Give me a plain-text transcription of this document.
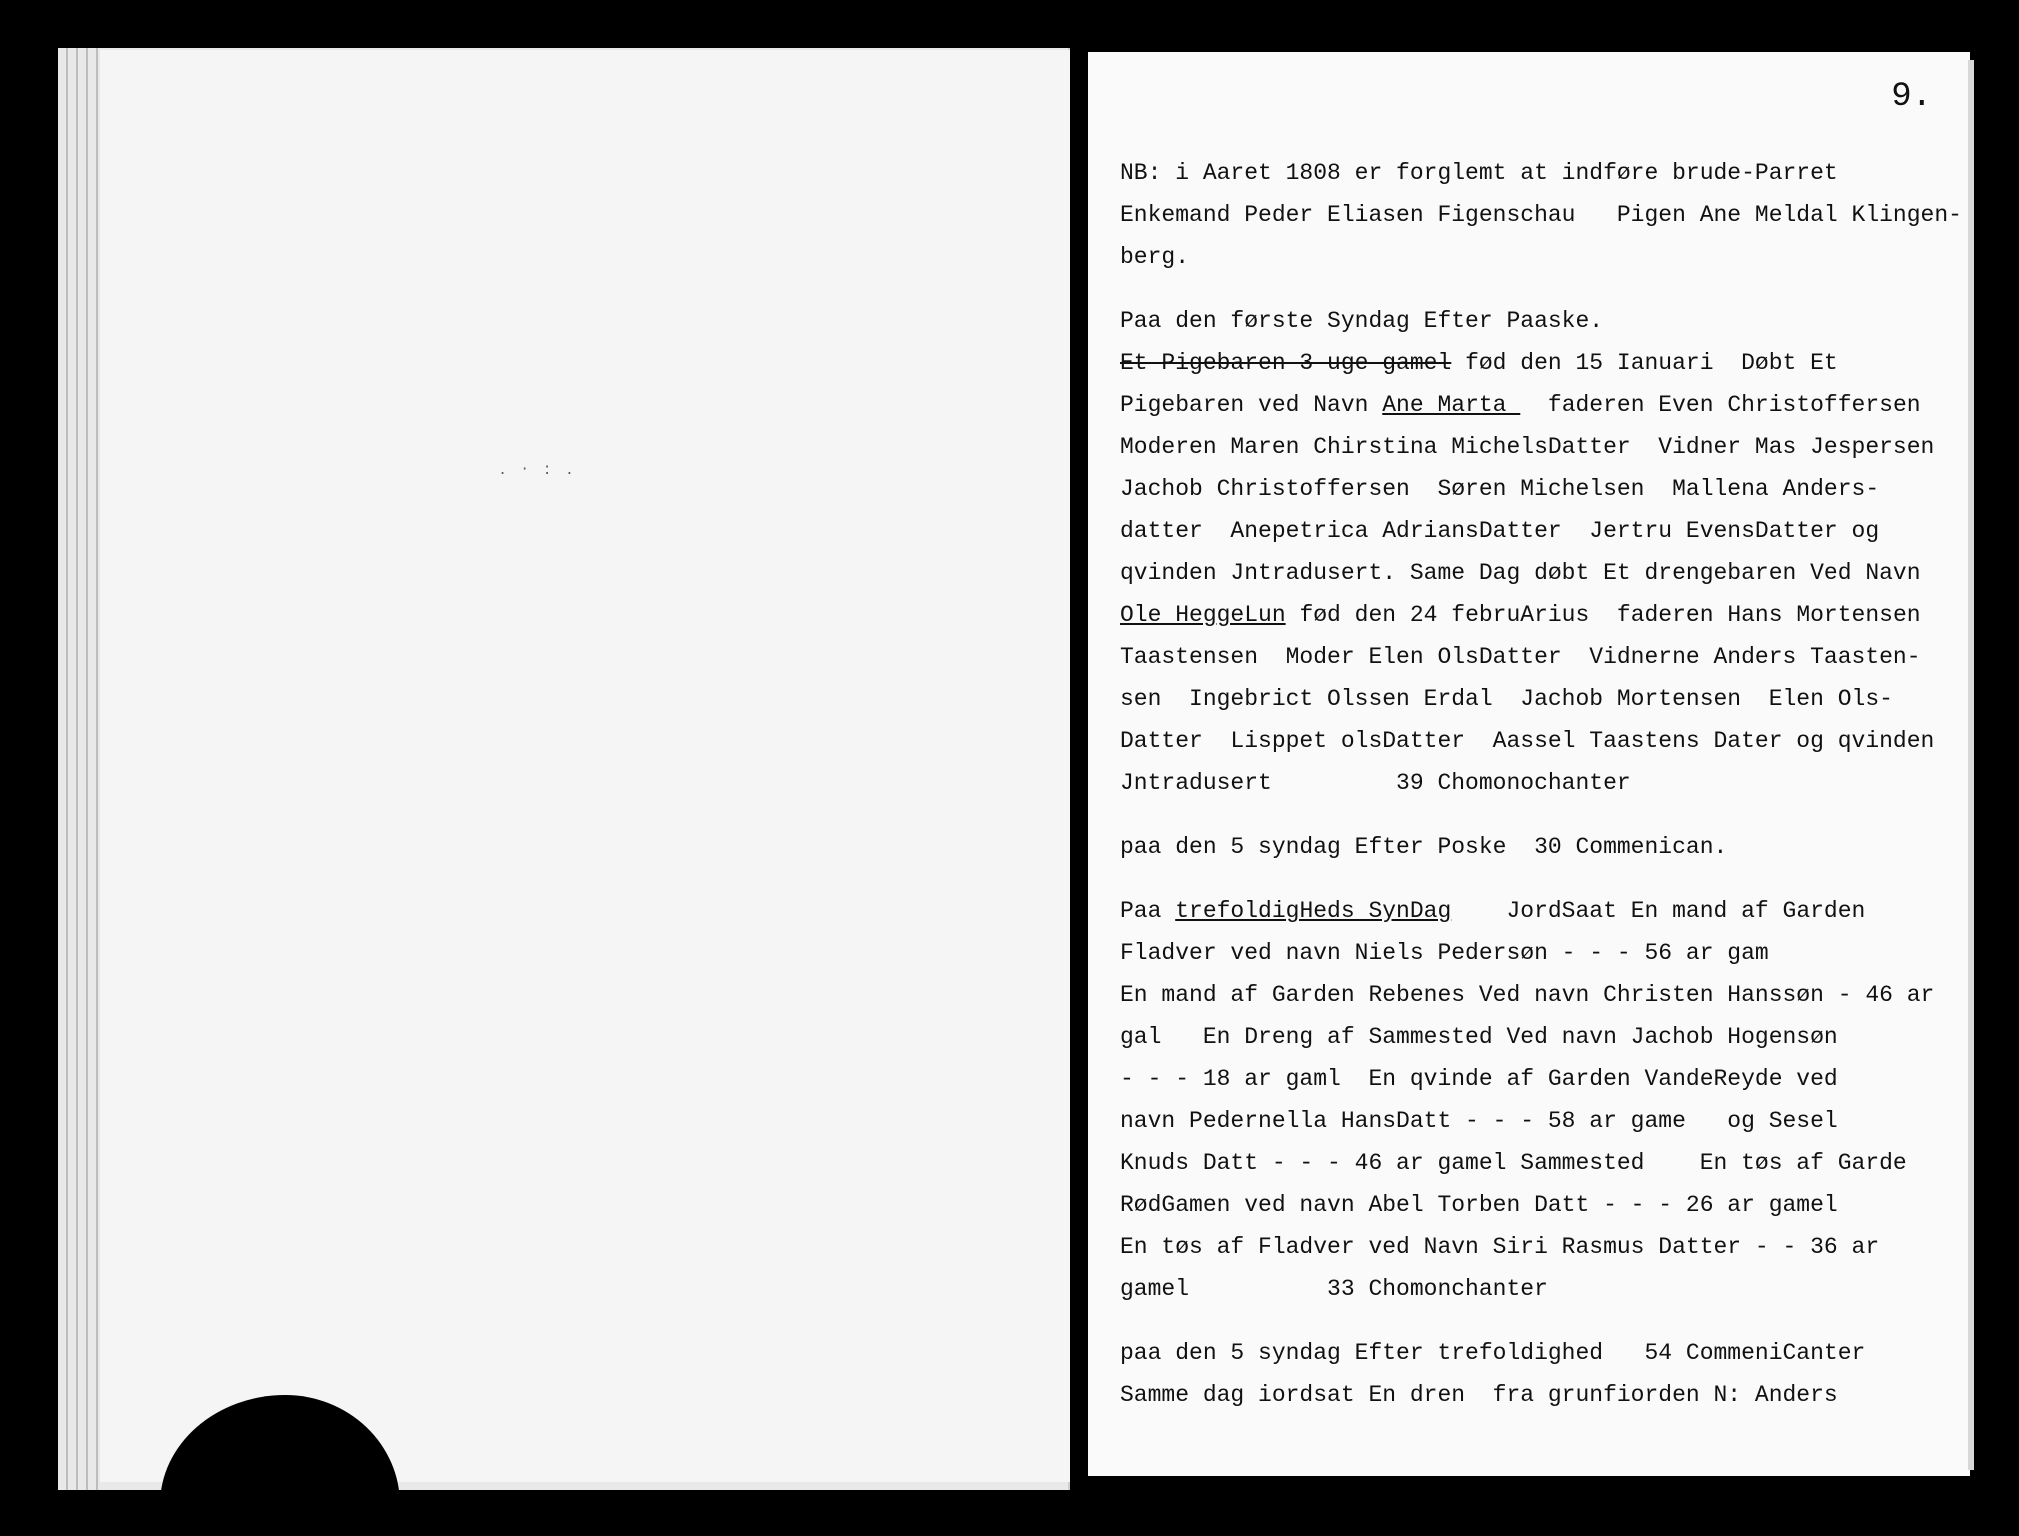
. · : .
9.
NB: i Aaret 1808 er forglemt at indføre brude-Parret
Enkemand Peder Eliasen Figenschau   Pigen Ane Meldal Klingen-
berg.
Paa den første Syndag Efter Paaske.
Et Pigebaren 3 uge gamel fød den 15 Ianuari  Døbt Et
Pigebaren ved Navn Ane Marta   faderen Even Christoffersen
Moderen Maren Chirstina MichelsDatter  Vidner Mas Jespersen
Jachob Christoffersen  Søren Michelsen  Mallena Anders-
datter  Anepetrica AdriansDatter  Jertru EvensDatter og
qvinden Jntradusert. Same Dag døbt Et drengebaren Ved Navn
Ole HeggeLun fød den 24 februArius  faderen Hans Mortensen
Taastensen  Moder Elen OlsDatter  Vidnerne Anders Taasten-
sen  Ingebrict Olssen Erdal  Jachob Mortensen  Elen Ols-
Datter  Lisppet olsDatter  Aassel Taastens Dater og qvinden
Jntradusert         39 Chomonochanter
paa den 5 syndag Efter Poske  30 Commenican.
Paa trefoldigHeds SynDag    JordSaat En mand af Garden
Fladver ved navn Niels Pedersøn - - - 56 ar gam
En mand af Garden Rebenes Ved navn Christen Hanssøn - 46 ar
gal   En Dreng af Sammested Ved navn Jachob Hogensøn
- - - 18 ar gaml  En qvinde af Garden VandeReyde ved
navn Pedernella HansDatt - - - 58 ar game   og Sesel
Knuds Datt - - - 46 ar gamel Sammested    En tøs af Garde
RødGamen ved navn Abel Torben Datt - - - 26 ar gamel
En tøs af Fladver ved Navn Siri Rasmus Datter - - 36 ar
gamel          33 Chomonchanter
paa den 5 syndag Efter trefoldighed   54 CommeniCanter
Samme dag iordsat En dren  fra grunfiorden N: Anders
